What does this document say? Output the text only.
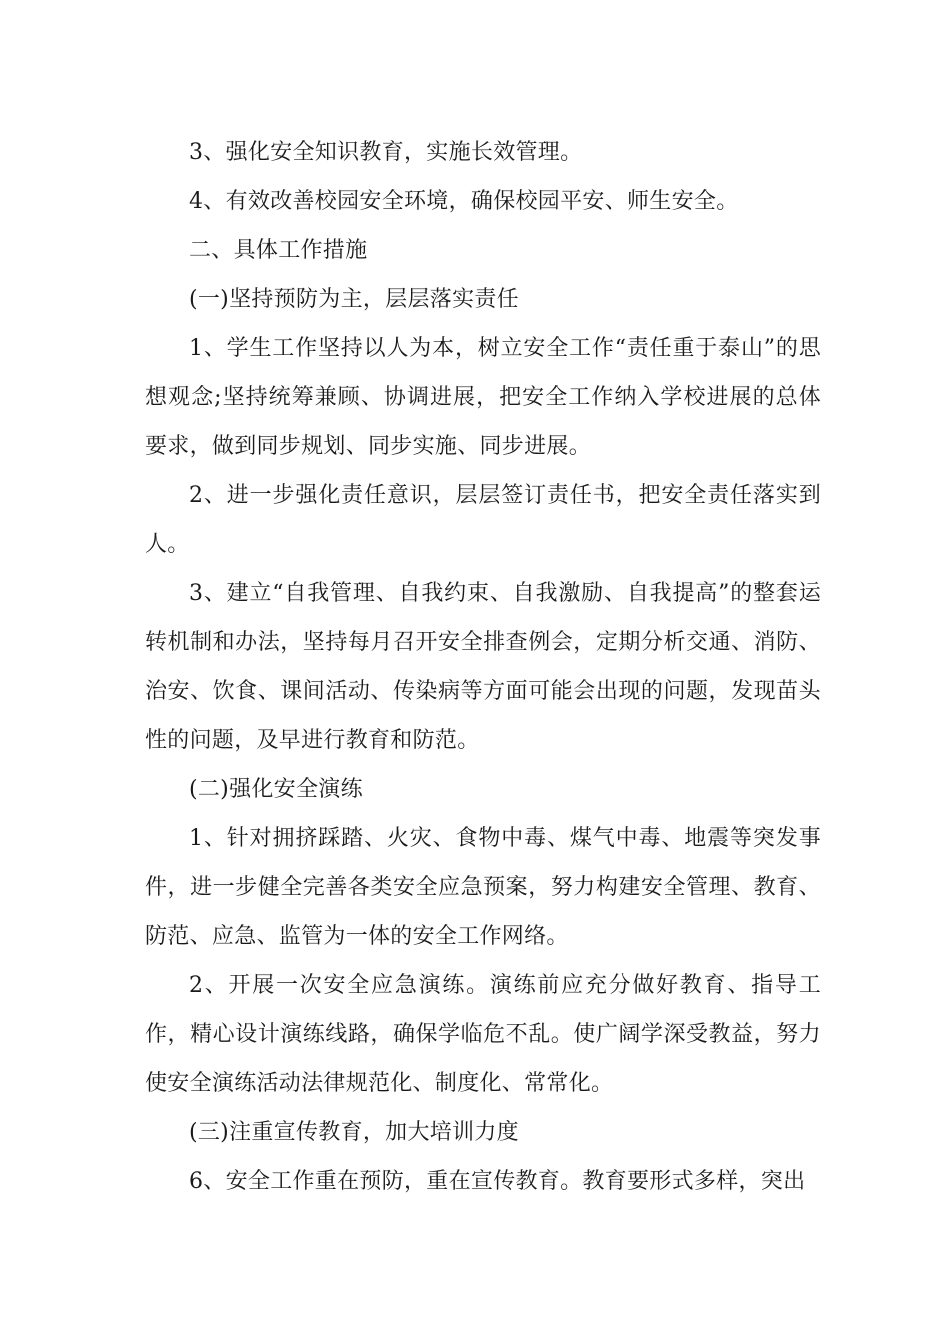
3、强化安全知识教育，实施长效管理。

4、有效改善校园安全环境，确保校园平安、师生安全。

二、具体工作措施

(一)坚持预防为主，层层落实责任

1、学生工作坚持以人为本，树立安全工作“责任重于泰山”的思想观念;坚持统筹兼顾、协调进展，把安全工作纳入学校进展的总体要求，做到同步规划、同步实施、同步进展。

2、进一步强化责任意识，层层签订责任书，把安全责任落实到人。

3、建立“自我管理、自我约束、自我激励、自我提高”的整套运转机制和办法，坚持每月召开安全排查例会，定期分析交通、消防、治安、饮食、课间活动、传染病等方面可能会出现的问题，发现苗头性的问题，及早进行教育和防范。

(二)强化安全演练

1、针对拥挤踩踏、火灾、食物中毒、煤气中毒、地震等突发事件，进一步健全完善各类安全应急预案，努力构建安全管理、教育、防范、应急、监管为一体的安全工作网络。

2、开展一次安全应急演练。演练前应充分做好教育、指导工作，精心设计演练线路，确保学临危不乱。使广阔学深受教益，努力使安全演练活动法律规范化、制度化、常常化。

(三)注重宣传教育，加大培训力度

6、安全工作重在预防，重在宣传教育。教育要形式多样，突出
